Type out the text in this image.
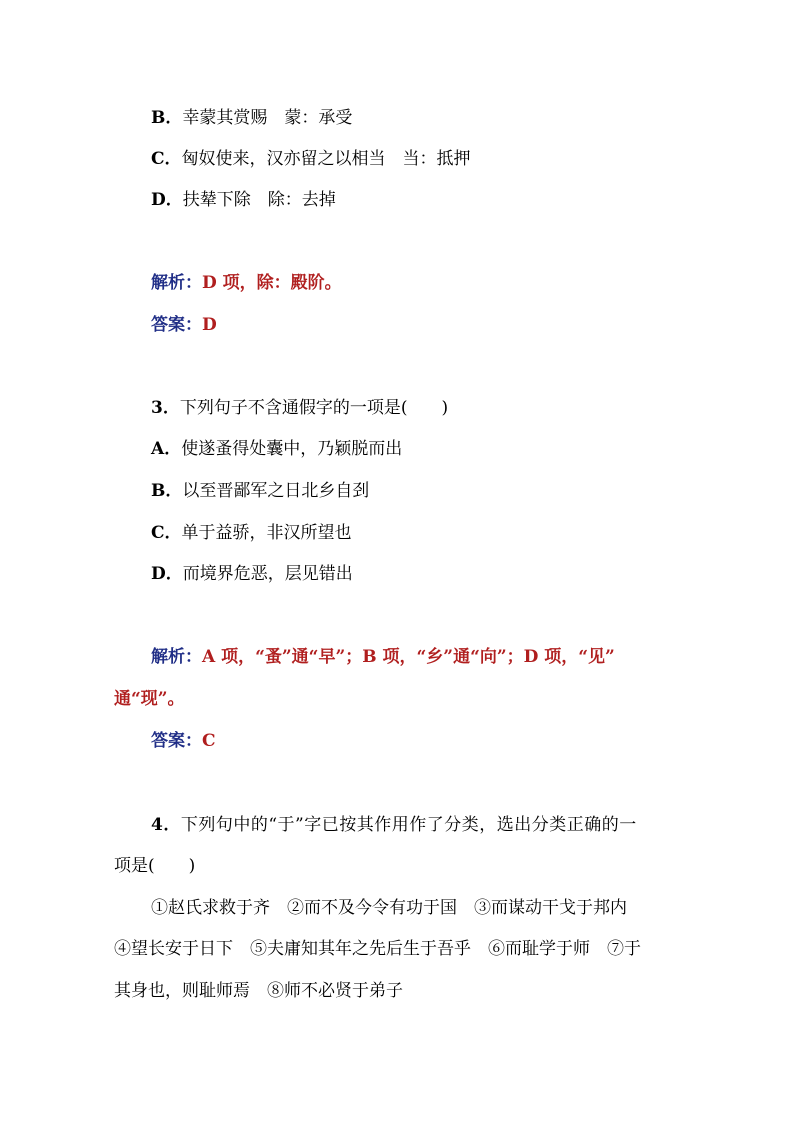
B．幸蒙其赏赐　蒙：承受
C．匈奴使来，汉亦留之以相当　当：抵押
D．扶辇下除　除：去掉
解析：D 项，除：殿阶。
答案：D
3．下列句子不含通假字的一项是(　　)
A．使遂蚤得处囊中，乃颖脱而出
B．以至晋鄙军之日北乡自刭
C．单于益骄，非汉所望也
D．而境界危恶，层见错出
解析：A 项，“蚤”通“早”；B 项，“乡”通“向”；D 项，“见”
通“现”。
答案：C
4．下列句中的“于”字已按其作用作了分类，选出分类正确的一
项是(　　)
①赵氏求救于齐　②而不及今令有功于国　③而谋动干戈于邦内
④望长安于日下　⑤夫庸知其年之先后生于吾乎　⑥而耻学于师　⑦于
其身也，则耻师焉　⑧师不必贤于弟子
